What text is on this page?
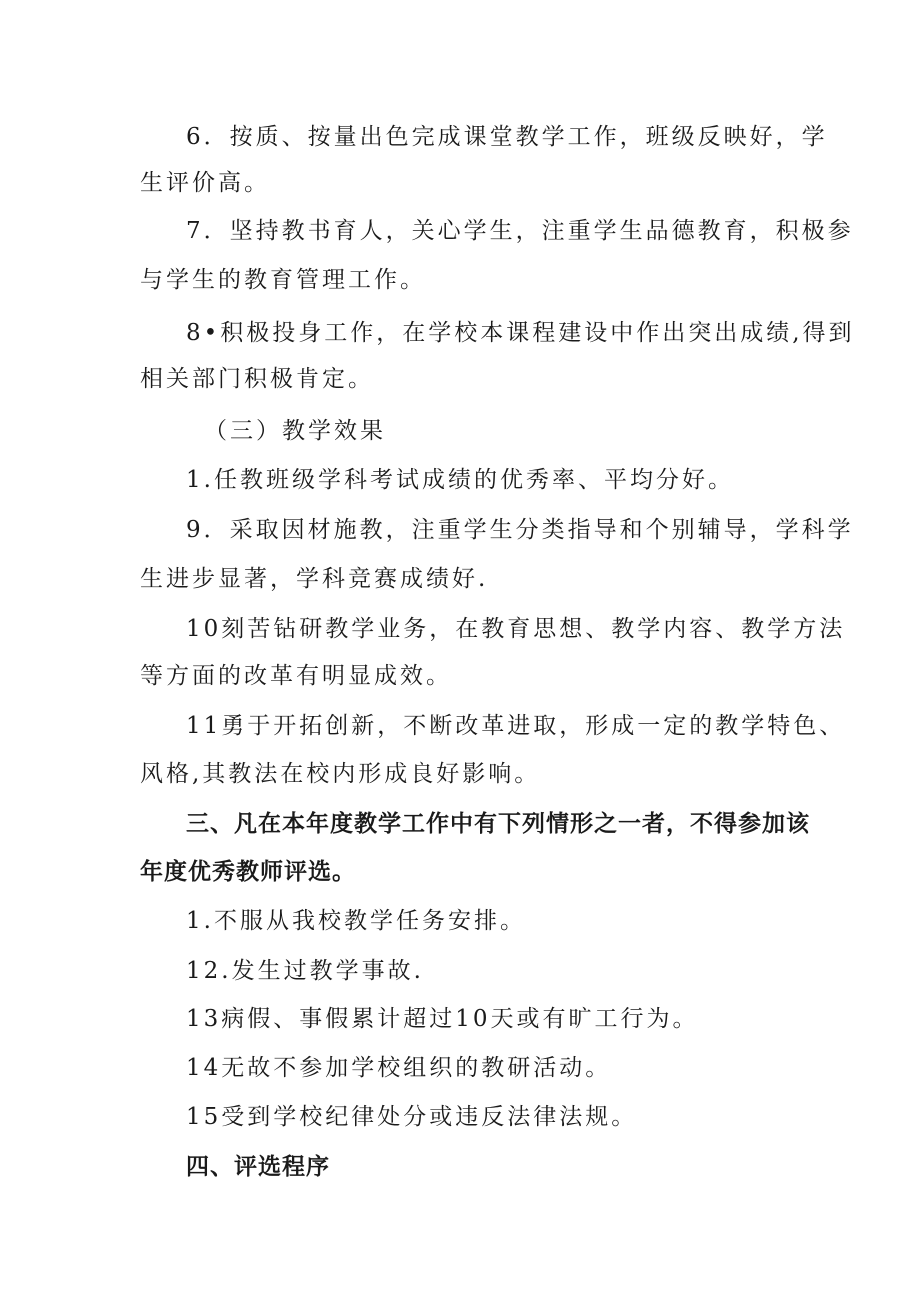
6．按质、按量出色完成课堂教学工作，班级反映好，学
生评价高。
7．坚持教书育人，关心学生，注重学生品德教育，积极参
与学生的教育管理工作。
8•积极投身工作，在学校本课程建设中作出突出成绩,得到
相关部门积极肯定。
（三）教学效果
1.任教班级学科考试成绩的优秀率、平均分好。
9．采取因材施教，注重学生分类指导和个别辅导，学科学
生进步显著，学科竞赛成绩好.
10刻苦钻研教学业务，在教育思想、教学内容、教学方法
等方面的改革有明显成效。
11勇于开拓创新，不断改革进取，形成一定的教学特色、
风格,其教法在校内形成良好影响。
三、凡在本年度教学工作中有下列情形之一者，不得参加该
年度优秀教师评选。
1.不服从我校教学任务安排。
12.发生过教学事故.
13病假、事假累计超过10天或有旷工行为。
14无故不参加学校组织的教研活动。
15受到学校纪律处分或违反法律法规。
四、评选程序
